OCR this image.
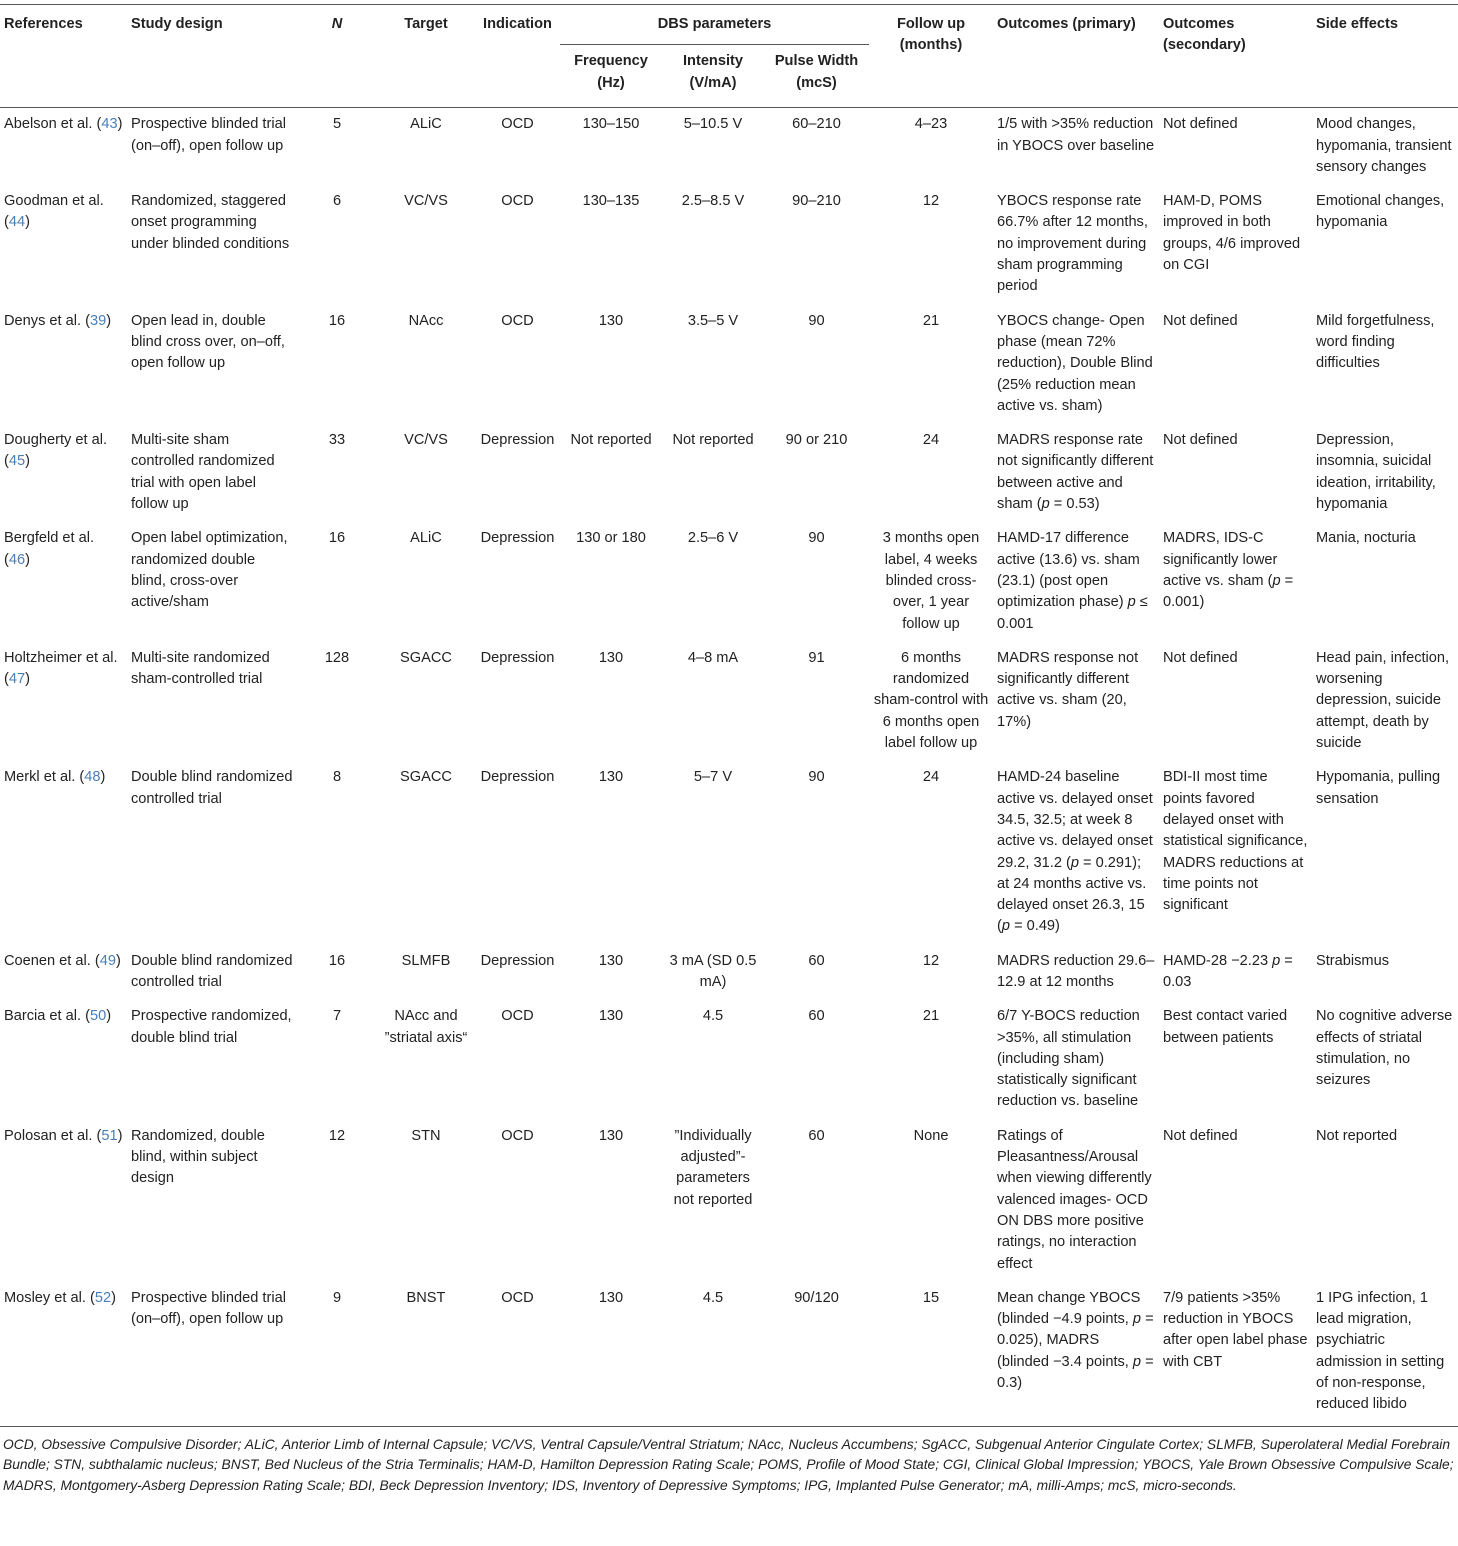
References	Study design	N	Target	Indication	DBS parameters			Follow up (months)	Outcomes (primary)	Outcomes (secondary)	Side effects
					Frequency (Hz)	Intensity (V/mA)	Pulse Width (mcS)				
Abelson et al. (43)	Prospective blinded trial (on–off), open follow up	5	ALiC	OCD	130–150	5–10.5 V	60–210	4–23	1/5 with >35% reduction in YBOCS over baseline	Not defined	Mood changes, hypomania, transient sensory changes
Goodman et al. (44)	Randomized, staggered onset programming under blinded conditions	6	VC/VS	OCD	130–135	2.5–8.5 V	90–210	12	YBOCS response rate 66.7% after 12 months, no improvement during sham programming period	HAM-D, POMS improved in both groups, 4/6 improved on CGI	Emotional changes, hypomania
Denys et al. (39)	Open lead in, double blind cross over, on–off, open follow up	16	NAcc	OCD	130	3.5–5 V	90	21	YBOCS change- Open phase (mean 72% reduction), Double Blind (25% reduction mean active vs. sham)	Not defined	Mild forgetfulness, word finding difficulties
Dougherty et al. (45)	Multi-site sham controlled randomized trial with open label follow up	33	VC/VS	Depression	Not reported	Not reported	90 or 210	24	MADRS response rate not significantly different between active and sham (p = 0.53)	Not defined	Depression, insomnia, suicidal ideation, irritability, hypomania
Bergfeld et al. (46)	Open label optimization, randomized double blind, cross-over active/sham	16	ALiC	Depression	130 or 180	2.5–6 V	90	3 months open label, 4 weeks blinded cross-over, 1 year follow up	HAMD-17 difference active (13.6) vs. sham (23.1) (post open optimization phase) p ≤ 0.001	MADRS, IDS-C significantly lower active vs. sham (p = 0.001)	Mania, nocturia
Holtzheimer et al. (47)	Multi-site randomized sham-controlled trial	128	SGACC	Depression	130	4–8 mA	91	6 months randomized sham-control with 6 months open label follow up	MADRS response not significantly different active vs. sham (20, 17%)	Not defined	Head pain, infection, worsening depression, suicide attempt, death by suicide
Merkl et al. (48)	Double blind randomized controlled trial	8	SGACC	Depression	130	5–7 V	90	24	HAMD-24 baseline active vs. delayed onset 34.5, 32.5; at week 8 active vs. delayed onset 29.2, 31.2 (p = 0.291); at 24 months active vs. delayed onset 26.3, 15 (p = 0.49)	BDI-II most time points favored delayed onset with statistical significance, MADRS reductions at time points not significant	Hypomania, pulling sensation
Coenen et al. (49)	Double blind randomized controlled trial	16	SLMFB	Depression	130	3 mA (SD 0.5 mA)	60	12	MADRS reduction 29.6–12.9 at 12 months	HAMD-28 −2.23 p = 0.03	Strabismus
Barcia et al. (50)	Prospective randomized, double blind trial	7	NAcc and ”striatal axis“	OCD	130	4.5	60	21	6/7 Y-BOCS reduction >35%, all stimulation (including sham) statistically significant reduction vs. baseline	Best contact varied between patients	No cognitive adverse effects of striatal stimulation, no seizures
Polosan et al. (51)	Randomized, double blind, within subject design	12	STN	OCD	130	”Individually adjusted”- parameters not reported	60	None	Ratings of Pleasantness/Arousal when viewing differently valenced images- OCD ON DBS more positive ratings, no interaction effect	Not defined	Not reported
Mosley et al. (52)	Prospective blinded trial (on–off), open follow up	9	BNST	OCD	130	4.5	90/120	15	Mean change YBOCS (blinded −4.9 points, p = 0.025), MADRS (blinded −3.4 points, p = 0.3)	7/9 patients >35% reduction in YBOCS after open label phase with CBT	1 IPG infection, 1 lead migration, psychiatric admission in setting of non-response, reduced libido
OCD, Obsessive Compulsive Disorder; ALiC, Anterior Limb of Internal Capsule; VC/VS, Ventral Capsule/Ventral Striatum; NAcc, Nucleus Accumbens; SgACC, Subgenual Anterior Cingulate Cortex; SLMFB, Superolateral Medial Forebrain Bundle; STN, subthalamic nucleus; BNST, Bed Nucleus of the Stria Terminalis; HAM-D, Hamilton Depression Rating Scale; POMS, Profile of Mood State; CGI, Clinical Global Impression; YBOCS, Yale Brown Obsessive Compulsive Scale; MADRS, Montgomery-Asberg Depression Rating Scale; BDI, Beck Depression Inventory; IDS, Inventory of Depressive Symptoms; IPG, Implanted Pulse Generator; mA, milli-Amps; mcS, micro-seconds.
